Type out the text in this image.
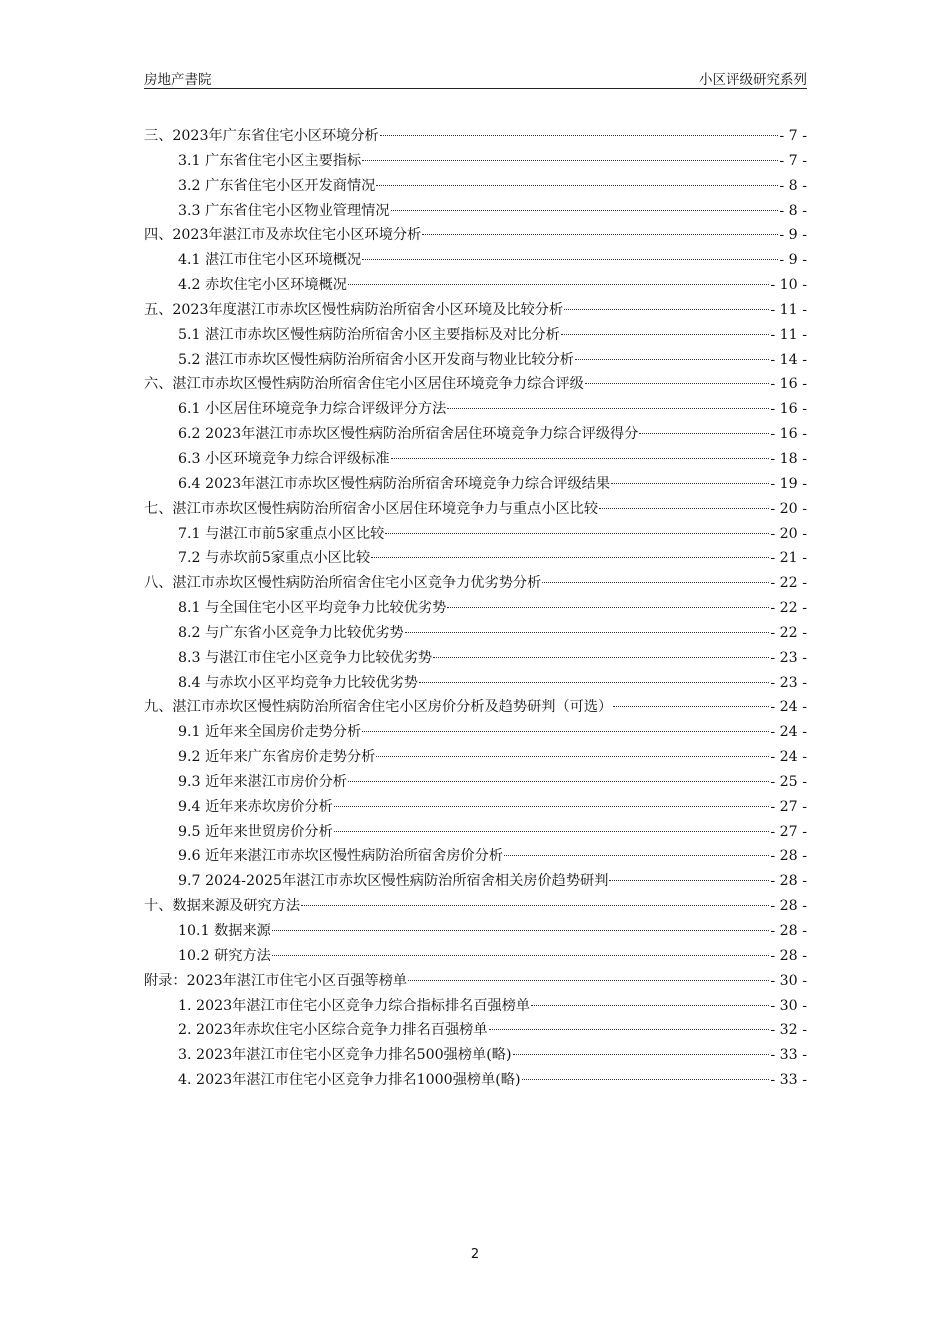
房地产書院	小区评级研究系列
三、2023年广东省住宅小区环境分析	- 7 -
3.1 广东省住宅小区主要指标	- 7 -
3.2 广东省住宅小区开发商情况	- 8 -
3.3 广东省住宅小区物业管理情况	- 8 -
四、2023年湛江市及赤坎住宅小区环境分析	- 9 -
4.1 湛江市住宅小区环境概况	- 9 -
4.2 赤坎住宅小区环境概况	- 10 -
五、2023年度湛江市赤坎区慢性病防治所宿舍小区环境及比较分析	- 11 -
5.1 湛江市赤坎区慢性病防治所宿舍小区主要指标及对比分析	- 11 -
5.2 湛江市赤坎区慢性病防治所宿舍小区开发商与物业比较分析	- 14 -
六、湛江市赤坎区慢性病防治所宿舍住宅小区居住环境竞争力综合评级	- 16 -
6.1 小区居住环境竞争力综合评级评分方法	- 16 -
6.2 2023年湛江市赤坎区慢性病防治所宿舍居住环境竞争力综合评级得分	- 16 -
6.3 小区环境竞争力综合评级标准	- 18 -
6.4 2023年湛江市赤坎区慢性病防治所宿舍环境竞争力综合评级结果	- 19 -
七、湛江市赤坎区慢性病防治所宿舍小区居住环境竞争力与重点小区比较	- 20 -
7.1 与湛江市前5家重点小区比较	- 20 -
7.2 与赤坎前5家重点小区比较	- 21 -
八、湛江市赤坎区慢性病防治所宿舍住宅小区竞争力优劣势分析	- 22 -
8.1 与全国住宅小区平均竞争力比较优劣势	- 22 -
8.2 与广东省小区竞争力比较优劣势	- 22 -
8.3 与湛江市住宅小区竞争力比较优劣势	- 23 -
8.4 与赤坎小区平均竞争力比较优劣势	- 23 -
九、湛江市赤坎区慢性病防治所宿舍住宅小区房价分析及趋势研判（可选）	- 24 -
9.1 近年来全国房价走势分析	- 24 -
9.2 近年来广东省房价走势分析	- 24 -
9.3 近年来湛江市房价分析	- 25 -
9.4 近年来赤坎房价分析	- 27 -
9.5 近年来世贸房价分析	- 27 -
9.6 近年来湛江市赤坎区慢性病防治所宿舍房价分析	- 28 -
9.7 2024-2025年湛江市赤坎区慢性病防治所宿舍相关房价趋势研判	- 28 -
十、数据来源及研究方法	- 28 -
10.1 数据来源	- 28 -
10.2 研究方法	- 28 -
附录：2023年湛江市住宅小区百强等榜单	- 30 -
1. 2023年湛江市住宅小区竞争力综合指标排名百强榜单	- 30 -
2. 2023年赤坎住宅小区综合竞争力排名百强榜单	- 32 -
3. 2023年湛江市住宅小区竞争力排名500强榜单(略)	- 33 -
4. 2023年湛江市住宅小区竞争力排名1000强榜单(略)	- 33 -
2
